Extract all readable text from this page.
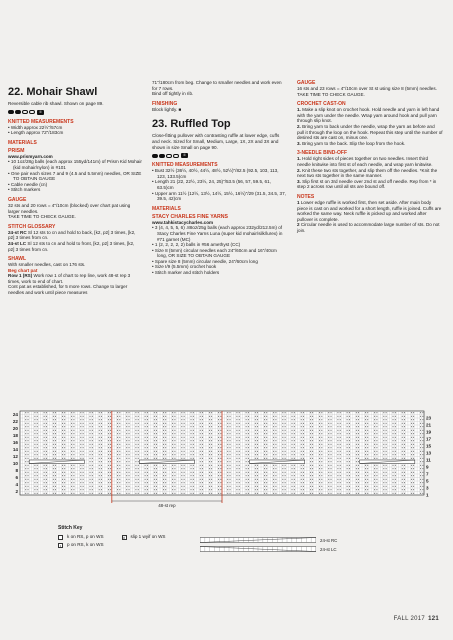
22. Mohair Shawl

Reversible cable rib shawl. Shown on page 89.

II
KNITTED MEASUREMENTS
• Width approx 22½"/57cm
• Length approx 72"/183cm
MATERIALS
PRISM

www.prismyarn.com

• 10 1oz/28g balls (each approx 155yd/141m) of Prism Kid Mohair (kid mohair/nylon) in #101
• One pair each sizes 7 and 9 (4.5 and 5.5mm) needles, OR SIZE TO OBTAIN GAUGE
• Cable needle (cn)
• Stitch markers
GAUGE

32 sts and 20 rows = 4"/10cm (blocked) over chart pat using larger needles.

TAKE TIME TO CHECK GAUGE.

STITCH GLOSSARY

24-st RC Sl 12 sts to cn and hold to back, [k2, p2] 3 times, [k2, p2] 3 times from cn.

24-st LC Sl 12 sts to cn and hold to front, [k2, p2] 3 times, [k2, p2] 3 times from cn.

SHAWL

With smaller needles, cast on 176 sts.

Beg chart pat

Row 1 (RS) Work row 1 of chart to rep line, work 48-st rep 3 times, work to end of chart.

Cont pat as established, for 5 more rows. Change to larger needles and work until piece measures

71"/180cm from beg. Change to smaller needles and work even for 7 rows.

Bind off tightly in rib.

FINISHING

Block lightly. ■

23. Ruffled Top

Close-fitting pullover with contrasting ruffle at lower edge, cuffs and neck. Sized for Small, Medium, Large, 1X, 2X and 3X and shown in size Small on page 90.

II
KNITTED MEASUREMENTS
• Bust 32½ (36½, 40½, 44½, 48½, 52½)"/82.5 (92.5, 103, 113, 123, 133.5)cm
• Length 21 (22, 22½, 23½, 24, 25)"/53.5 (56, 57, 59.5, 61, 63.5)cm
• Upper arm 11½ (12½, 13½, 14½, 15½, 16½)"/29 (31.5, 34.5, 37, 39.5, 42)cm
MATERIALS
STACY CHARLES FINE YARNS

www.tahkistacycharles.com

• 3 (4, 4, 5, 5, 6) .88oz/25g balls (each approx 232yd/212.5m) of Stacy Charles Fine Yarns Luna (super kid mohair/silk/lurex) in #71 garnet (MC)
• 1 (2, 2, 2, 2, 2) balls in #56 amethyst (CC)
• Size 8 (5mm) circular needles each 24"/60cm and 16"/40cm long, OR SIZE TO OBTAIN GAUGE
• Spare size 8 (5mm) circular needle, 24"/60cm long
• Size I/9 (5.5mm) crochet hook
• Stitch marker and stitch holders
GAUGE

16 sts and 23 rows = 4"/10cm over St st using size 8 (5mm) needles.

TAKE TIME TO CHECK GAUGE.

CROCHET CAST-ON

1. Make a slip knot on crochet hook. Hold needle and yarn in left hand with the yarn under the needle. Wrap yarn around hook and pull yarn through slip knot.

2. Bring yarn to back under the needle, wrap the yarn as before and pull it through the loop on the hook. Repeat this step until the number of desired sts are cast on, minus one.

3. Bring yarn to the back. Slip the loop from the hook.

3-NEEDLE BIND-OFF

1. Hold right sides of pieces together on two needles. Insert third needle knitwise into first st of each needle, and wrap yarn knitwise.

2. Knit these two sts together, and slip them off the needles. *Knit the next two sts together in the same manner.

3. Slip first st on 3rd needle over 2nd st and off needle. Rep from * in step 2 across row until all sts are bound off.

NOTES

1 Lower edge ruffle is worked first, then set aside. After main body piece is cast on and worked for a short length, ruffle is joined. Cuffs are worked the same way. Neck ruffle is picked up and worked after pullover is complete.

2 Circular needle is used to accommodate large number of sts. Do not join.

48-st rep
24
22
20
18
16
14
12
10
8
6
4
2
23
21
19
17
15
13
11
9
7
5
3
1
Stitch Key
k on RS, p on WS
•	p on RS, k on WS
V slip 1 wyif on WS
24-st RC
24-st LC
FALL 2017 121
